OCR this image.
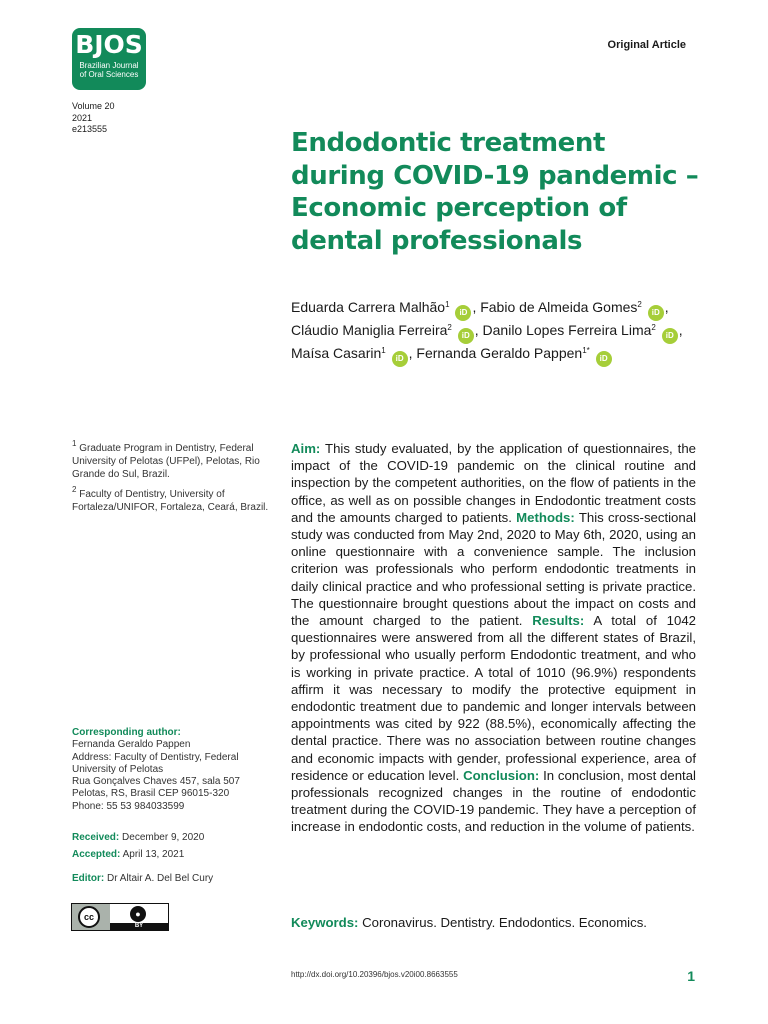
BJOS
Brazilian Journal
of Oral Sciences
Original Article
Volume 20
2021
e213555	Endodontic treatment during COVID-19 pandemic – Economic perception of dental professionals
Eduarda Carrera Malhão$^1$ iD , Fabio de Almeida Gomes$^2$ iD , Cláudio Maniglia Ferreira$^2$ iD , Danilo Lopes Ferreira Lima$^2$ iD , Maísa Casarin$^1$ iD , Fernanda Geraldo Pappen$^{1*}$ iD
$^1$ Graduate Program in Dentistry, Federal University of Pelotas (UFPel), Pelotas, Rio Grande do Sul, Brazil.
$^2$ Faculty of Dentistry, University of Fortaleza/UNIFOR, Fortaleza, Ceará, Brazil.
Corresponding author:
Fernanda Geraldo Pappen
Address: Faculty of Dentistry, Federal University of Pelotas
Rua Gonçalves Chaves 457, sala 507
Pelotas, RS, Brasil CEP 96015-320
Phone: 55 53 984033599
Received: December 9, 2020
Accepted: April 13, 2021
Editor: Dr Altair A. Del Bel Cury
cc	●
BY
Aim: This study evaluated, by the application of questionnaires, the impact of the COVID-19 pandemic on the clinical routine and inspection by the competent authorities, on the flow of patients in the office, as well as on possible changes in Endodontic treatment costs and the amounts charged to patients. Methods: This cross-sectional study was conducted from May 2nd, 2020 to May 6th, 2020, using an online questionnaire with a convenience sample. The inclusion criterion was professionals who perform endodontic treatments in daily clinical practice and who professional setting is private practice. The questionnaire brought questions about the impact on costs and the amount charged to the patient. Results: A total of 1042 questionnaires were answered from all the different states of Brazil, by professional who usually perform Endodontic treatment, and who is working in private practice. A total of 1010 (96.9%) respondents affirm it was necessary to modify the protective equipment in endodontic treatment due to pandemic and longer intervals between appointments was cited by 922 (88.5%), economically affecting the dental practice. There was no association between routine changes and economic impacts with gender, professional experience, area of residence or education level. Conclusion: In conclusion, most dental professionals recognized changes in the routine of endodontic treatment during the COVID-19 pandemic. They have a perception of increase in endodontic costs, and reduction in the volume of patients.
Keywords: Coronavirus. Dentistry. Endodontics. Economics.
http://dx.doi.org/10.20396/bjos.v20i00.8663555	1
